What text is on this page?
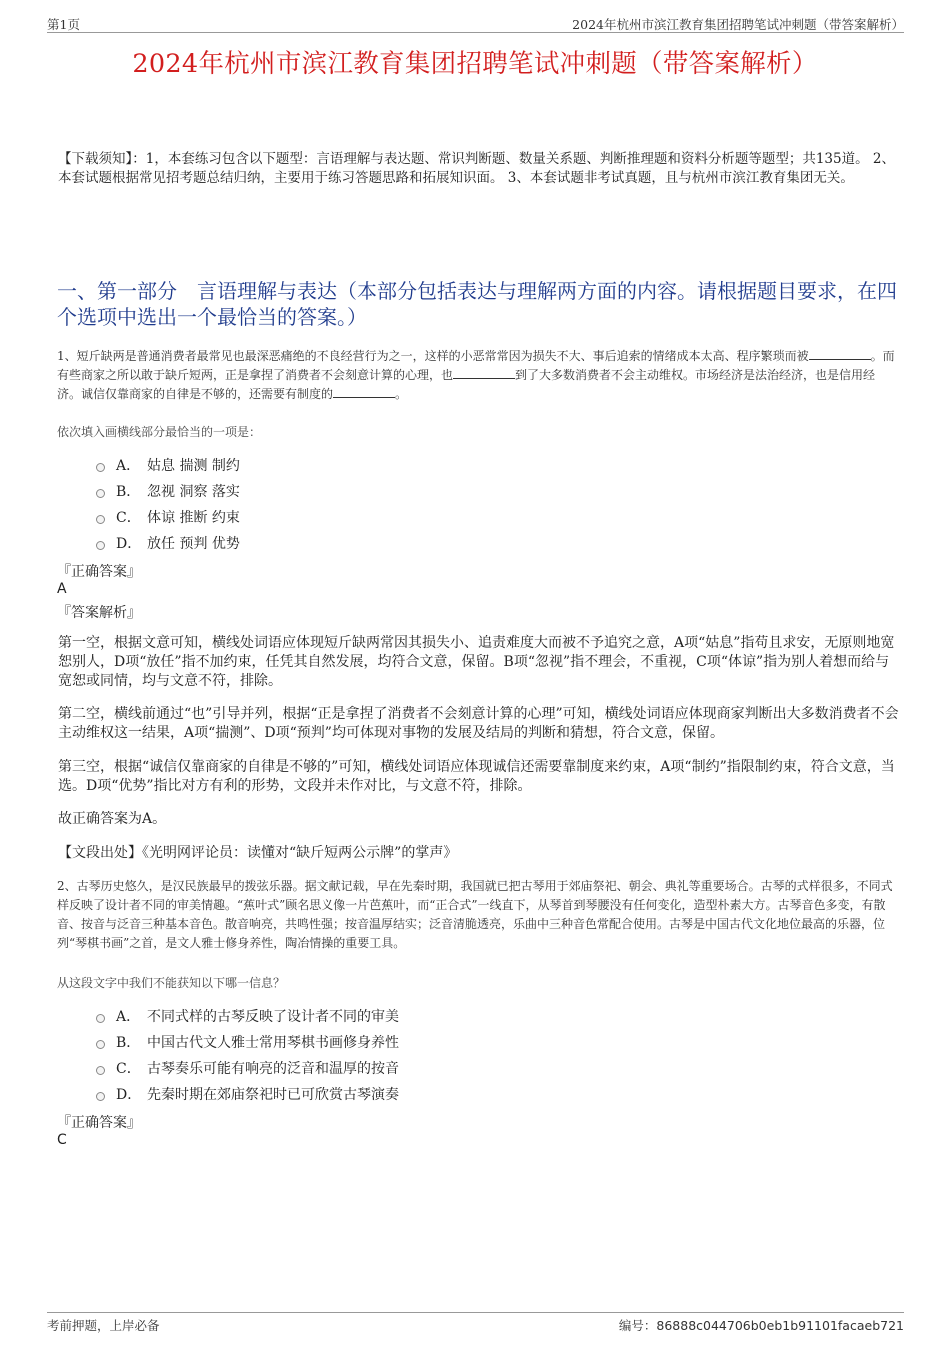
第1页	2024年杭州市滨江教育集团招聘笔试冲刺题（带答案解析）
2024年杭州市滨江教育集团招聘笔试冲刺题（带答案解析）
【下载须知】：1，本套练习包含以下题型：言语理解与表达题、常识判断题、数量关系题、判断推理题和资料分析题等题型；共135道。 2、本套试题根据常见招考题总结归纳，主要用于练习答题思路和拓展知识面。 3、本套试题非考试真题，且与杭州市滨江教育集团无关。
一、第一部分　言语理解与表达（本部分包括表达与理解两方面的内容。请根据题目要求，在四个选项中选出一个最恰当的答案。）
1、短斤缺两是普通消费者最常见也最深恶痛绝的不良经营行为之一，这样的小恶常常因为损失不大、事后追索的情绪成本太高、程序繁琐而被	。而有些商家之所以敢于缺斤短两，正是拿捏了消费者不会刻意计算的心理，也	到了大多数消费者不会主动维权。市场经济是法治经济，也是信用经济。诚信仅靠商家的自律是不够的，还需要有制度的	。
依次填入画横线部分最恰当的一项是：
A． 姑息 揣测 制约
B． 忽视 洞察 落实
C． 体谅 推断 约束
D． 放任 预判 优势
『正确答案』
A
『答案解析』
第一空，根据文意可知，横线处词语应体现短斤缺两常因其损失小、追责难度大而被不予追究之意，A项“姑息”指苟且求安，无原则地宽恕别人，D项“放任”指不加约束，任凭其自然发展，均符合文意，保留。B项“忽视”指不理会，不重视，C项“体谅”指为别人着想而给与宽恕或同情，均与文意不符，排除。
第二空，横线前通过“也”引导并列，根据“正是拿捏了消费者不会刻意计算的心理”可知，横线处词语应体现商家判断出大多数消费者不会主动维权这一结果，A项“揣测”、D项“预判”均可体现对事物的发展及结局的判断和猜想，符合文意，保留。
第三空，根据“诚信仅靠商家的自律是不够的”可知，横线处词语应体现诚信还需要靠制度来约束，A项“制约”指限制约束，符合文意，当选。D项“优势”指比对方有利的形势，文段并未作对比，与文意不符，排除。
故正确答案为A。
【文段出处】《光明网评论员：读懂对“缺斤短两公示牌”的掌声》
2、古琴历史悠久，是汉民族最早的拨弦乐器。据文献记载，早在先秦时期，我国就已把古琴用于郊庙祭祀、朝会、典礼等重要场合。古琴的式样很多，不同式样反映了设计者不同的审美情趣。“蕉叶式”顾名思义像一片芭蕉叶，而“正合式”一线直下，从琴首到琴腰没有任何变化，造型朴素大方。古琴音色多变，有散音、按音与泛音三种基本音色。散音响亮，共鸣性强；按音温厚结实；泛音清脆透亮，乐曲中三种音色常配合使用。古琴是中国古代文化地位最高的乐器，位列“琴棋书画”之首，是文人雅士修身养性，陶冶情操的重要工具。
从这段文字中我们不能获知以下哪一信息？
A． 不同式样的古琴反映了设计者不同的审美
B． 中国古代文人雅士常用琴棋书画修身养性
C． 古琴奏乐可能有响亮的泛音和温厚的按音
D． 先秦时期在郊庙祭祀时已可欣赏古琴演奏
『正确答案』
C
考前押题，上岸必备	编号：86888c044706b0eb1b91101facaeb721
